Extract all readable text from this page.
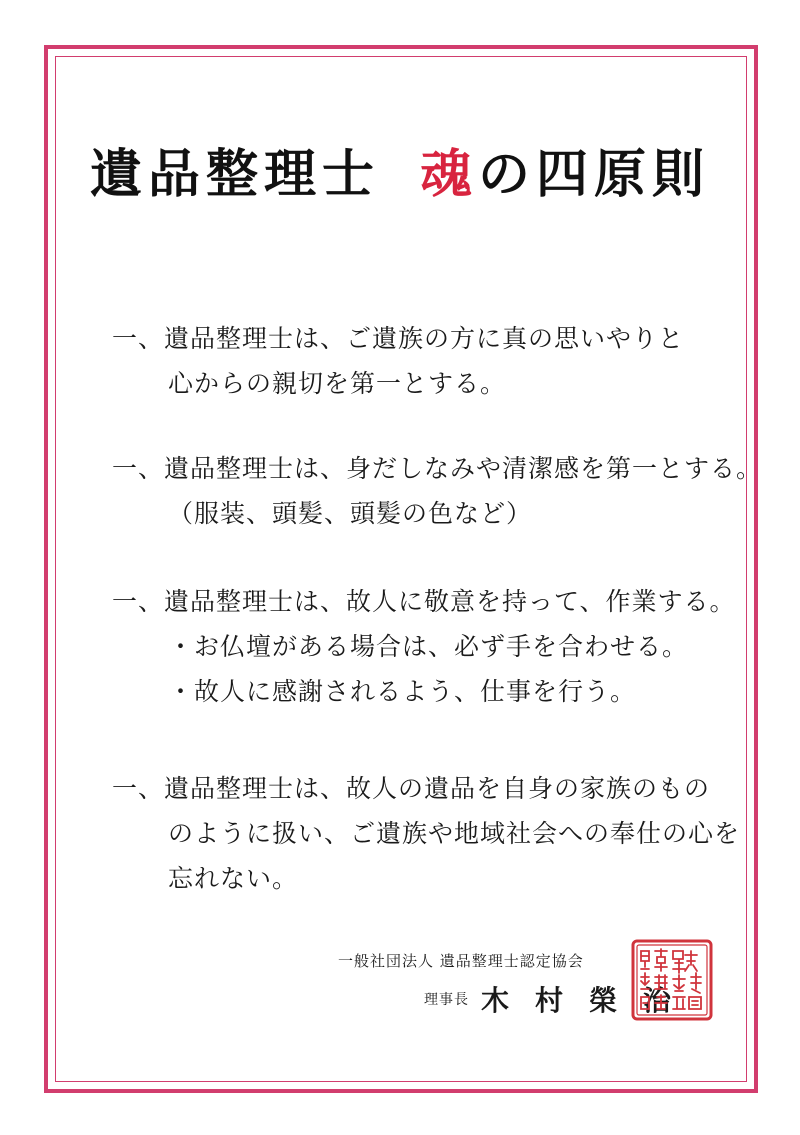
遺品整理士 魂の四原則
一、遺品整理士は、ご遺族の方に真の思いやりと
心からの親切を第一とする。
一、遺品整理士は、身だしなみや清潔感を第一とする。
（服装、頭髪、頭髪の色など）
一、遺品整理士は、故人に敬意を持って、作業する。
・お仏壇がある場合は、必ず手を合わせる。
・故人に感謝されるよう、仕事を行う。
一、遺品整理士は、故人の遺品を自身の家族のもの
のように扱い、ご遺族や地域社会への奉仕の心を
忘れない。
一般社団法人 遺品整理士認定協会
理事長 木村榮治
